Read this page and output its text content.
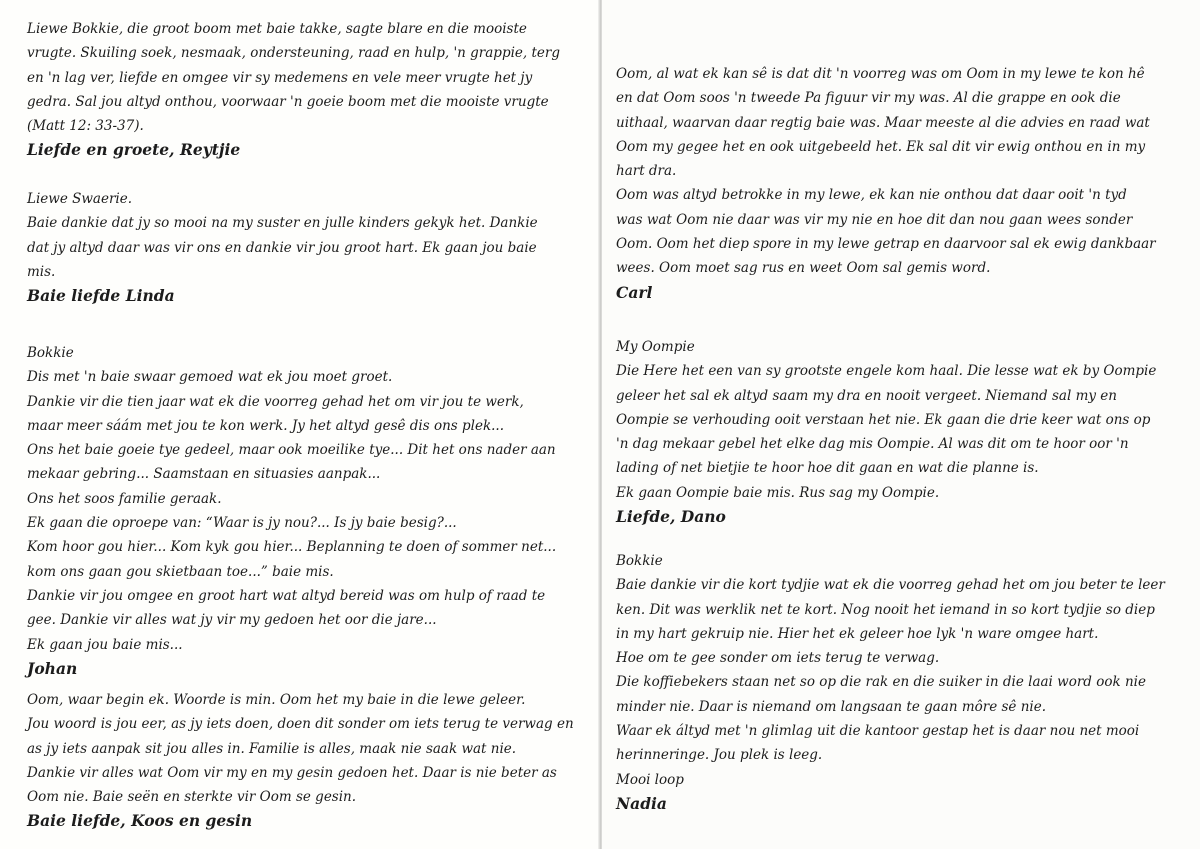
Liewe Bokkie, die groot boom met baie takke, sagte blare en die mooiste
vrugte. Skuiling soek, nesmaak, ondersteuning, raad en hulp, 'n grappie, terg
en 'n lag ver, liefde en omgee vir sy medemens en vele meer vrugte het jy
gedra. Sal jou altyd onthou, voorwaar 'n goeie boom met die mooiste vrugte
(Matt 12: 33-37).
Liefde en groete, Reytjie
Liewe Swaerie.
Baie dankie dat jy so mooi na my suster en julle kinders gekyk het. Dankie
dat jy altyd daar was vir ons en dankie vir jou groot hart. Ek gaan jou baie
mis.
Baie liefde Linda
Bokkie
Dis met 'n baie swaar gemoed wat ek jou moet groet.
Dankie vir die tien jaar wat ek die voorreg gehad het om vir jou te werk,
maar meer sáám met jou te kon werk. Jy het altyd gesê dis ons plek...
Ons het baie goeie tye gedeel, maar ook moeilike tye... Dit het ons nader aan
mekaar gebring... Saamstaan en situasies aanpak...
Ons het soos familie geraak.
Ek gaan die oproepe van: “Waar is jy nou?... Is jy baie besig?...
Kom hoor gou hier... Kom kyk gou hier... Beplanning te doen of sommer net...
kom ons gaan gou skietbaan toe...” baie mis.
Dankie vir jou omgee en groot hart wat altyd bereid was om hulp of raad te
gee. Dankie vir alles wat jy vir my gedoen het oor die jare...
Ek gaan jou baie mis...
Johan
Oom, waar begin ek. Woorde is min. Oom het my baie in die lewe geleer.
Jou woord is jou eer, as jy iets doen, doen dit sonder om iets terug te verwag en
as jy iets aanpak sit jou alles in. Familie is alles, maak nie saak wat nie.
Dankie vir alles wat Oom vir my en my gesin gedoen het. Daar is nie beter as
Oom nie. Baie seën en sterkte vir Oom se gesin.
Baie liefde, Koos en gesin
Oom, al wat ek kan sê is dat dit 'n voorreg was om Oom in my lewe te kon hê
en dat Oom soos 'n tweede Pa figuur vir my was. Al die grappe en ook die
uithaal, waarvan daar regtig baie was. Maar meeste al die advies en raad wat
Oom my gegee het en ook uitgebeeld het. Ek sal dit vir ewig onthou en in my
hart dra.
Oom was altyd betrokke in my lewe, ek kan nie onthou dat daar ooit 'n tyd
was wat Oom nie daar was vir my nie en hoe dit dan nou gaan wees sonder
Oom. Oom het diep spore in my lewe getrap en daarvoor sal ek ewig dankbaar
wees. Oom moet sag rus en weet Oom sal gemis word.
Carl
My Oompie
Die Here het een van sy grootste engele kom haal. Die lesse wat ek by Oompie
geleer het sal ek altyd saam my dra en nooit vergeet. Niemand sal my en
Oompie se verhouding ooit verstaan het nie. Ek gaan die drie keer wat ons op
'n dag mekaar gebel het elke dag mis Oompie. Al was dit om te hoor oor 'n
lading of net bietjie te hoor hoe dit gaan en wat die planne is.
Ek gaan Oompie baie mis. Rus sag my Oompie.
Liefde, Dano
Bokkie
Baie dankie vir die kort tydjie wat ek die voorreg gehad het om jou beter te leer
ken. Dit was werklik net te kort. Nog nooit het iemand in so kort tydjie so diep
in my hart gekruip nie. Hier het ek geleer hoe lyk 'n ware omgee hart.
Hoe om te gee sonder om iets terug te verwag.
Die koffiebekers staan net so op die rak en die suiker in die laai word ook nie
minder nie. Daar is niemand om langsaan te gaan môre sê nie.
Waar ek áltyd met 'n glimlag uit die kantoor gestap het is daar nou net mooi
herinneringe. Jou plek is leeg.
Mooi loop
Nadia
